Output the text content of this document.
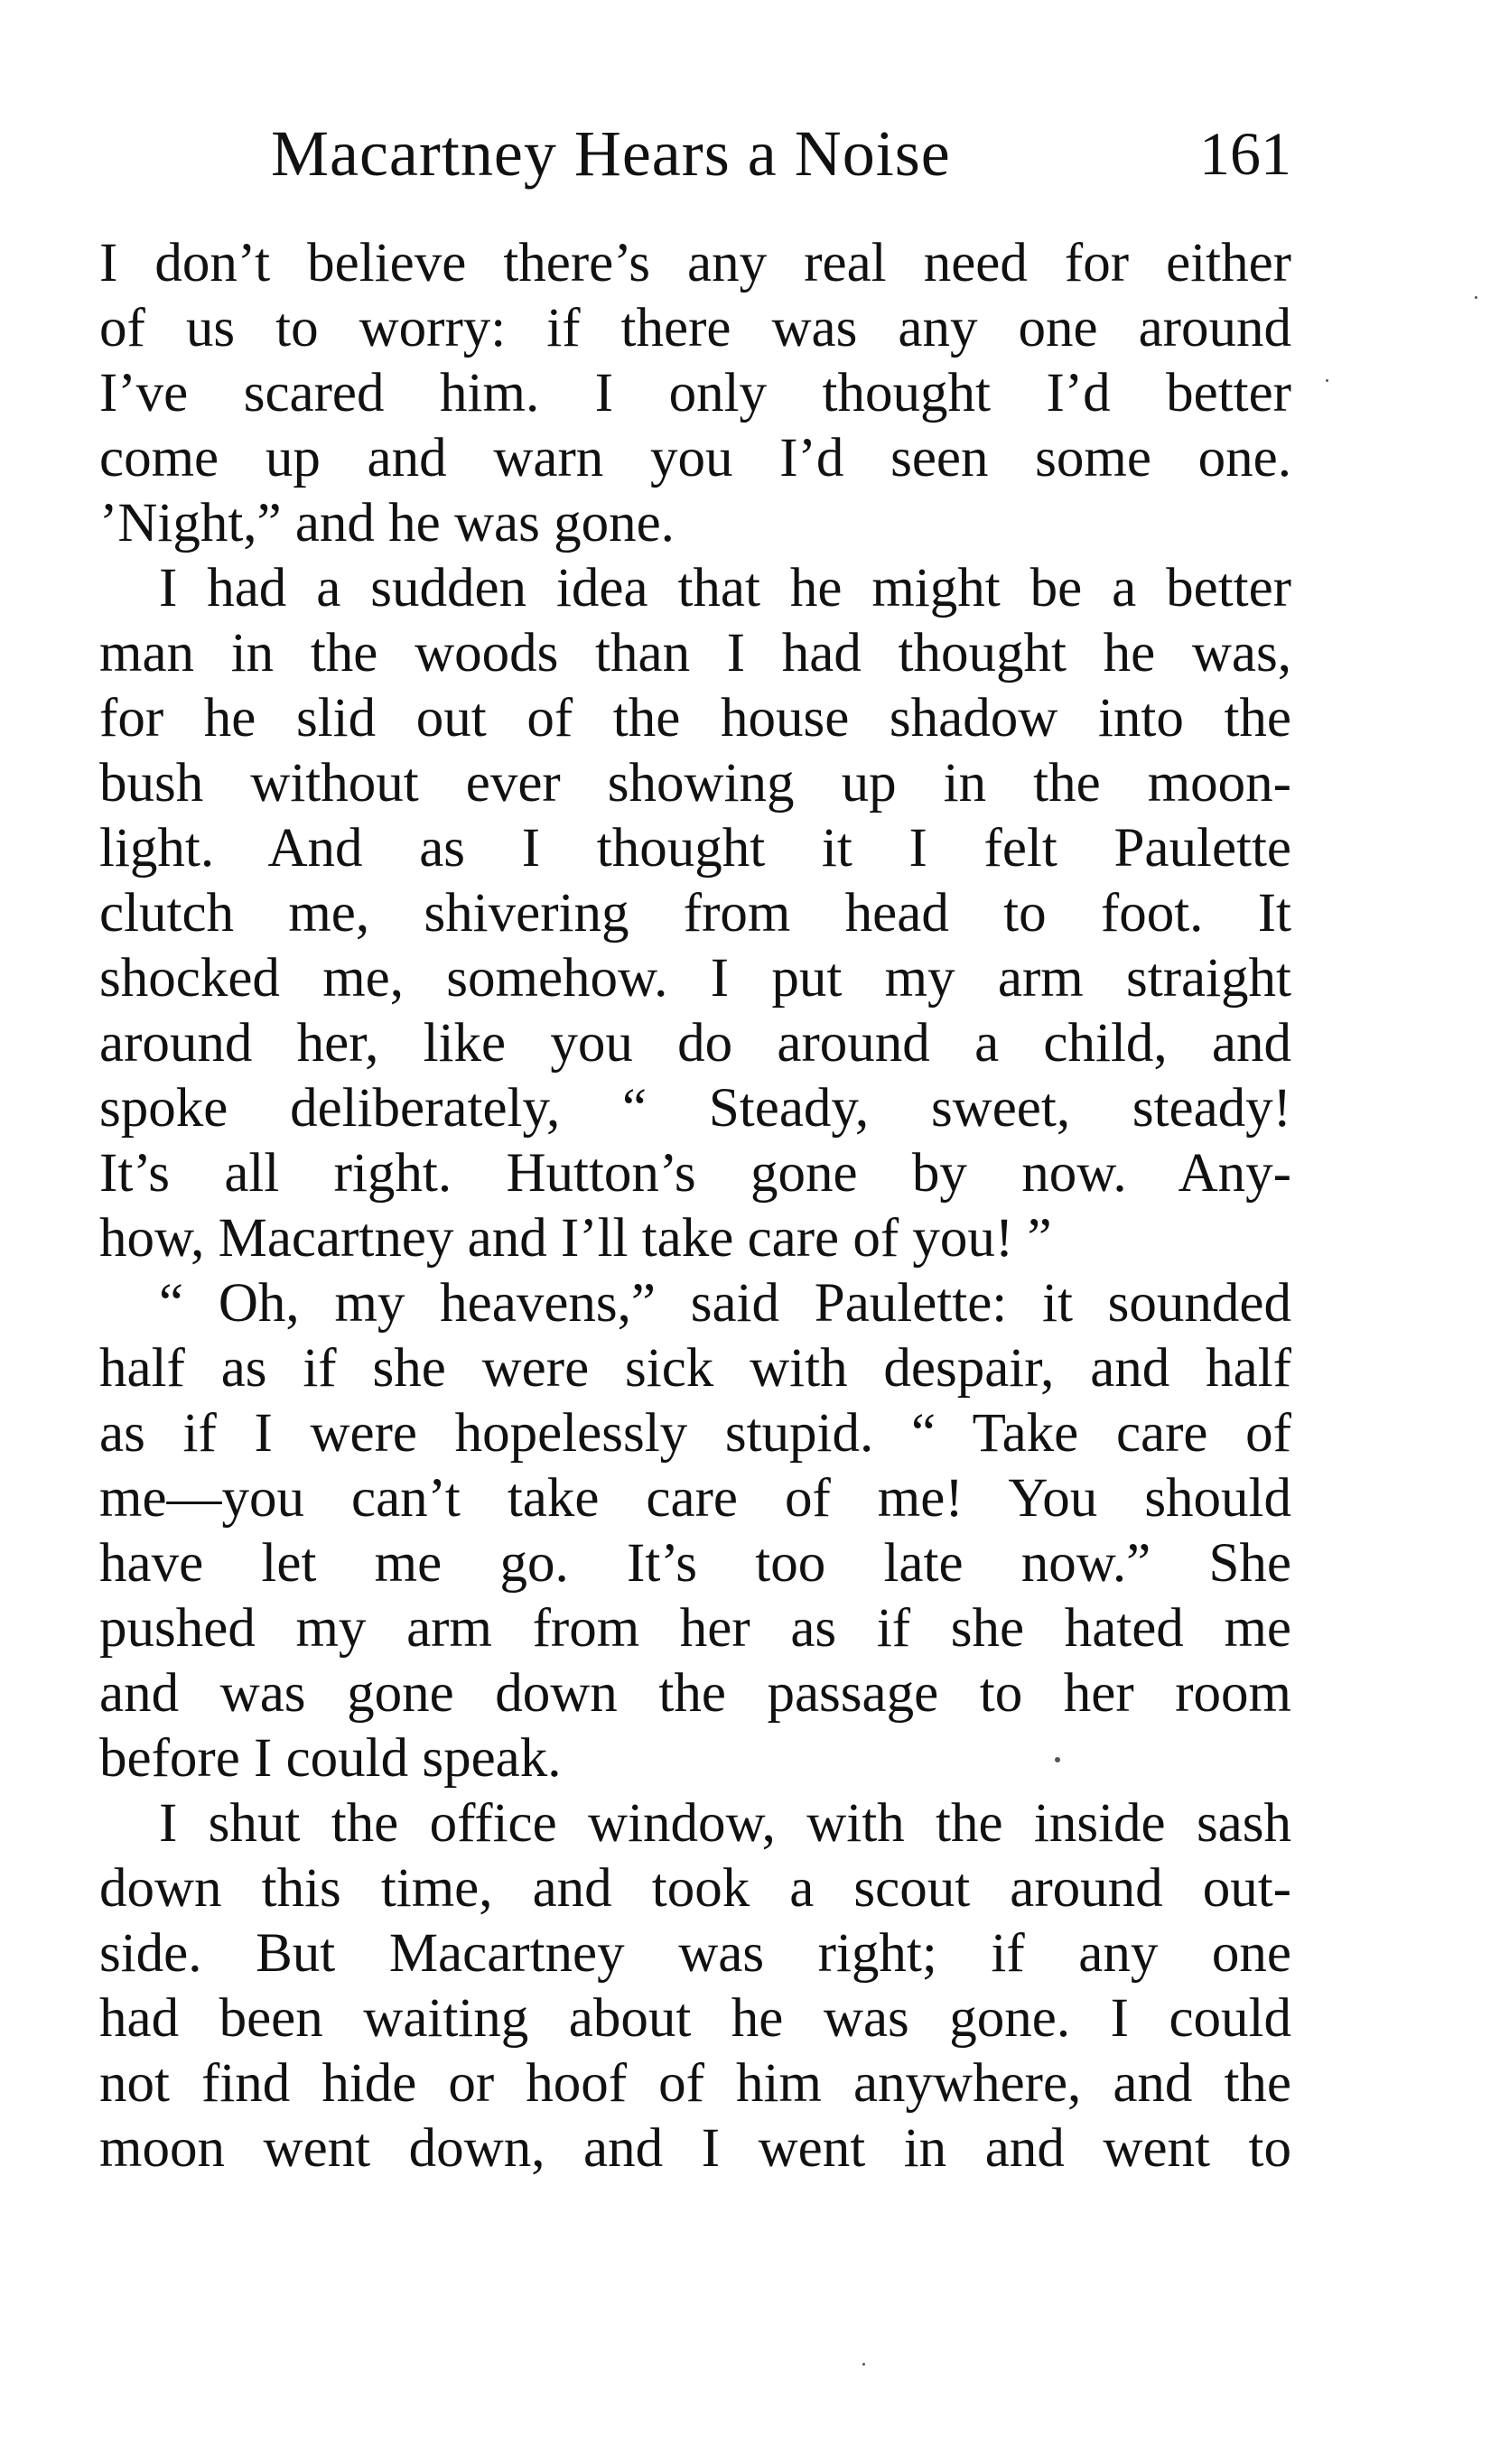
Macartney Hears a Noise	161
I don’t believe there’s any real need for either
of us to worry: if there was any one around
I’ve scared him. I only thought I’d better
come up and warn you I’d seen some one.
’Night,” and he was gone.
I had a sudden idea that he might be a better
man in the woods than I had thought he was,
for he slid out of the house shadow into the
bush without ever showing up in the moon-
light. And as I thought it I felt Paulette
clutch me, shivering from head to foot. It
shocked me, somehow. I put my arm straight
around her, like you do around a child, and
spoke deliberately, “ Steady, sweet, steady!
It’s all right. Hutton’s gone by now. Any-
how, Macartney and I’ll take care of you! ”
“ Oh, my heavens,” said Paulette: it sounded
half as if she were sick with despair, and half
as if I were hopelessly stupid. “ Take care of
me—you can’t take care of me! You should
have let me go. It’s too late now.” She
pushed my arm from her as if she hated me
and was gone down the passage to her room
before I could speak.
I shut the office window, with the inside sash
down this time, and took a scout around out-
side. But Macartney was right; if any one
had been waiting about he was gone. I could
not find hide or hoof of him anywhere, and the
moon went down, and I went in and went to
